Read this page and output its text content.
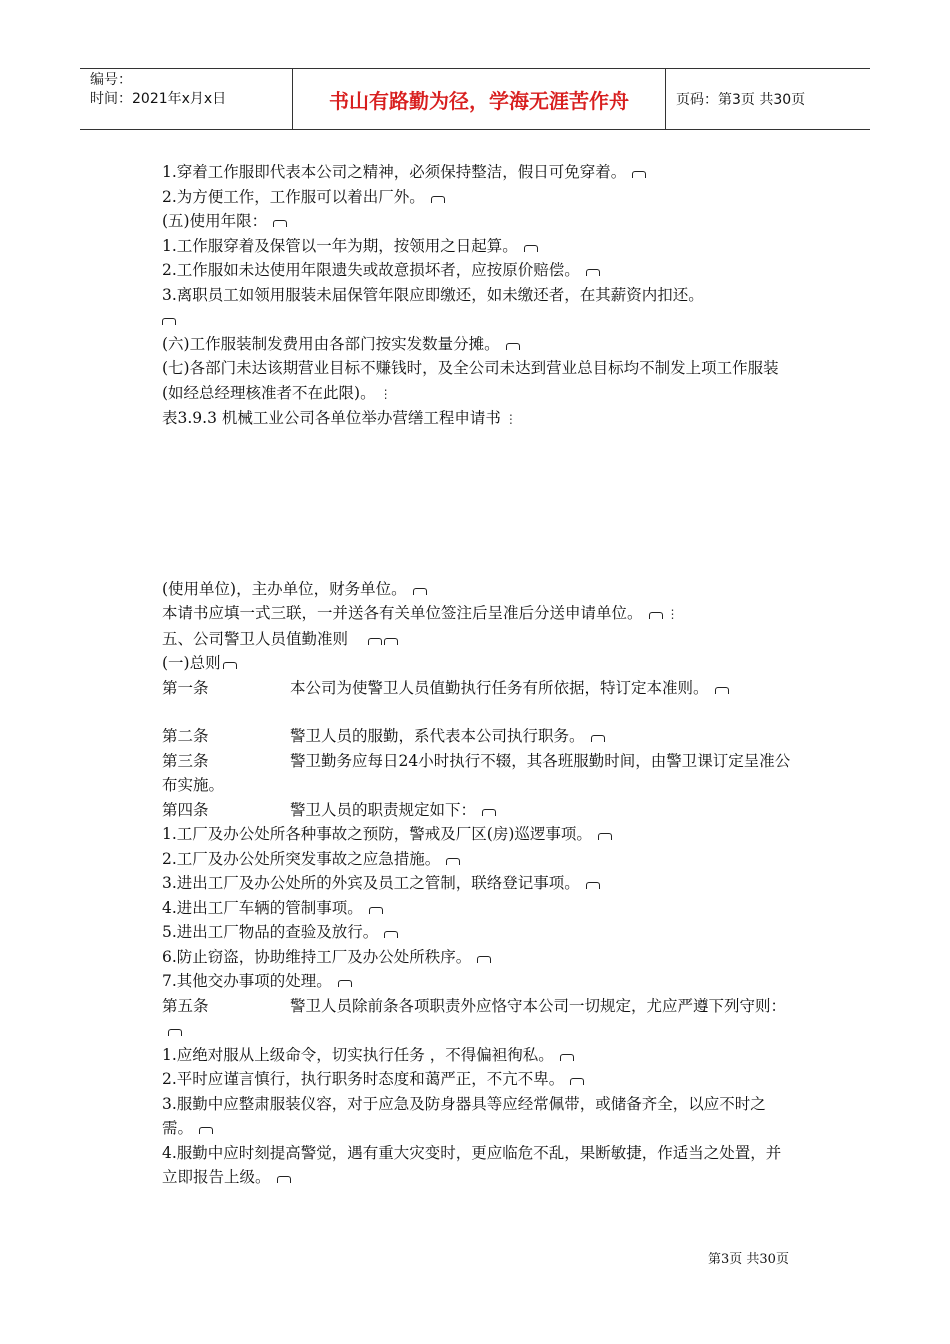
编号：
时间：2021年x月x日	书山有路勤为径，学海无涯苦作舟	页码：第3页 共30页

1.穿着工作服即代表本公司之精神，必须保持整洁，假日可免穿着。

2.为方便工作，工作服可以着出厂外。

(五)使用年限：

1.工作服穿着及保管以一年为期，按领用之日起算。

2.工作服如未达使用年限遗失或故意损坏者，应按原价赔偿。

3.离职员工如领用服装未届保管年限应即缴还，如未缴还者，在其薪资内扣还。

(六)工作服装制发费用由各部门按实发数量分摊。

(七)各部门未达该期营业目标不赚钱时，及全公司未达到营业总目标均不制发上项工作服装(如经总经理核准者不在此限)。 ⋮

表3.9.3 机械工业公司各单位举办营缮工程申请书 ⋮

(使用单位)，主办单位，财务单位。

本请书应填一式三联，一并送各有关单位签注后呈准后分送申请单位。 ⋮

五、公司警卫人员值勤准则

(一)总则

第一条	本公司为使警卫人员值勤执行任务有所依据，特订定本准则。

第二条	警卫人员的服勤，系代表本公司执行职务。

第三条	警卫勤务应每日24小时执行不辍，其各班服勤时间，由警卫课订定呈准公布实施。

第四条	警卫人员的职责规定如下：

1.工厂及办公处所各种事故之预防，警戒及厂区(房)巡逻事项。

2.工厂及办公处所突发事故之应急措施。

3.进出工厂及办公处所的外宾及员工之管制，联络登记事项。

4.进出工厂车辆的管制事项。

5.进出工厂物品的查验及放行。

6.防止窃盗，协助维持工厂及办公处所秩序。

7.其他交办事项的处理。

第五条	警卫人员除前条各项职责外应恪守本公司一切规定，尤应严遵下列守则：

1.应绝对服从上级命令，切实执行任务 ，不得偏袒徇私。

2.平时应谨言慎行，执行职务时态度和蔼严正，不亢不卑。

3.服勤中应整肃服装仪容，对于应急及防身器具等应经常佩带，或储备齐全，以应不时之需。

4.服勤中应时刻提高警觉，遇有重大灾变时，更应临危不乱，果断敏捷，作适当之处置，并立即报告上级。

第3页 共30页
